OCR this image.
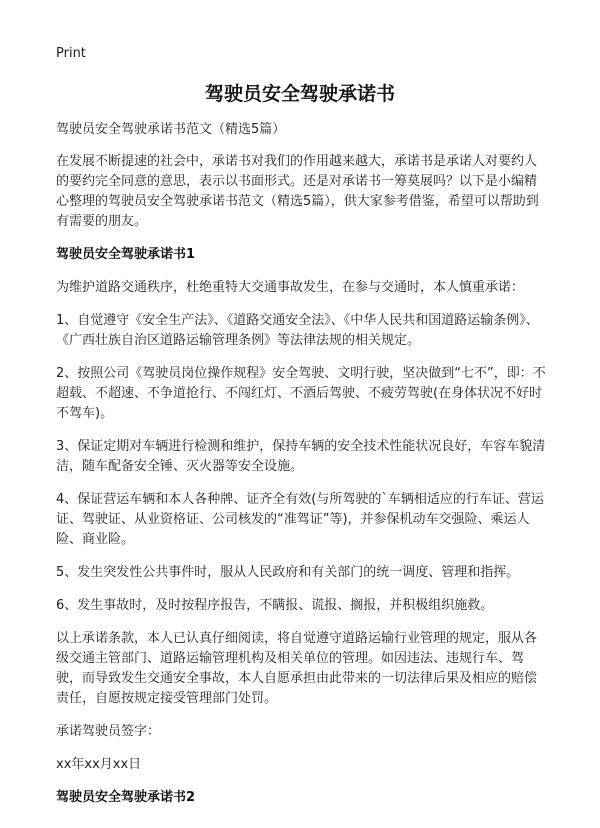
Print
驾驶员安全驾驶承诺书

驾驶员安全驾驶承诺书范文（精选5篇）

在发展不断提速的社会中，承诺书对我们的作用越来越大，承诺书是承诺人对要约人的要约完全同意的意思，表示以书面形式。还是对承诺书一筹莫展吗？以下是小编精心整理的驾驶员安全驾驶承诺书范文（精选5篇），供大家参考借鉴，希望可以帮助到有需要的朋友。

驾驶员安全驾驶承诺书1

为维护道路交通秩序，杜绝重特大交通事故发生，在参与交通时，本人慎重承诺：

1、自觉遵守《安全生产法》、《道路交通安全法》、《中华人民共和国道路运输条例》、《广西壮族自治区道路运输管理条例》等法律法规的相关规定。

2、按照公司《驾驶员岗位操作规程》安全驾驶、文明行驶，坚决做到“七不”，即：不超载、不超速、不争道抢行、不闯红灯、不酒后驾驶、不疲劳驾驶(在身体状况不好时不驾车)。

3、保证定期对车辆进行检测和维护，保持车辆的安全技术性能状况良好，车容车貌清洁，随车配备安全锤、灭火器等安全设施。

4、保证营运车辆和本人各种牌、证齐全有效(与所驾驶的`车辆相适应的行车证、营运证、驾驶证、从业资格证、公司核发的“准驾证”等)，并参保机动车交强险、乘运人险、商业险。

5、发生突发性公共事件时，服从人民政府和有关部门的统一调度、管理和指挥。

6、发生事故时，及时按程序报告，不瞒报、谎报、搁报，并积极组织施救。

以上承诺条款，本人已认真仔细阅读，将自觉遵守道路运输行业管理的规定，服从各级交通主管部门、道路运输管理机构及相关单位的管理。如因违法、违规行车、驾驶，而导致发生交通安全事故，本人自愿承担由此带来的一切法律后果及相应的赔偿责任，自愿按规定接受管理部门处罚。

承诺驾驶员签字：

xx年xx月xx日

驾驶员安全驾驶承诺书2
